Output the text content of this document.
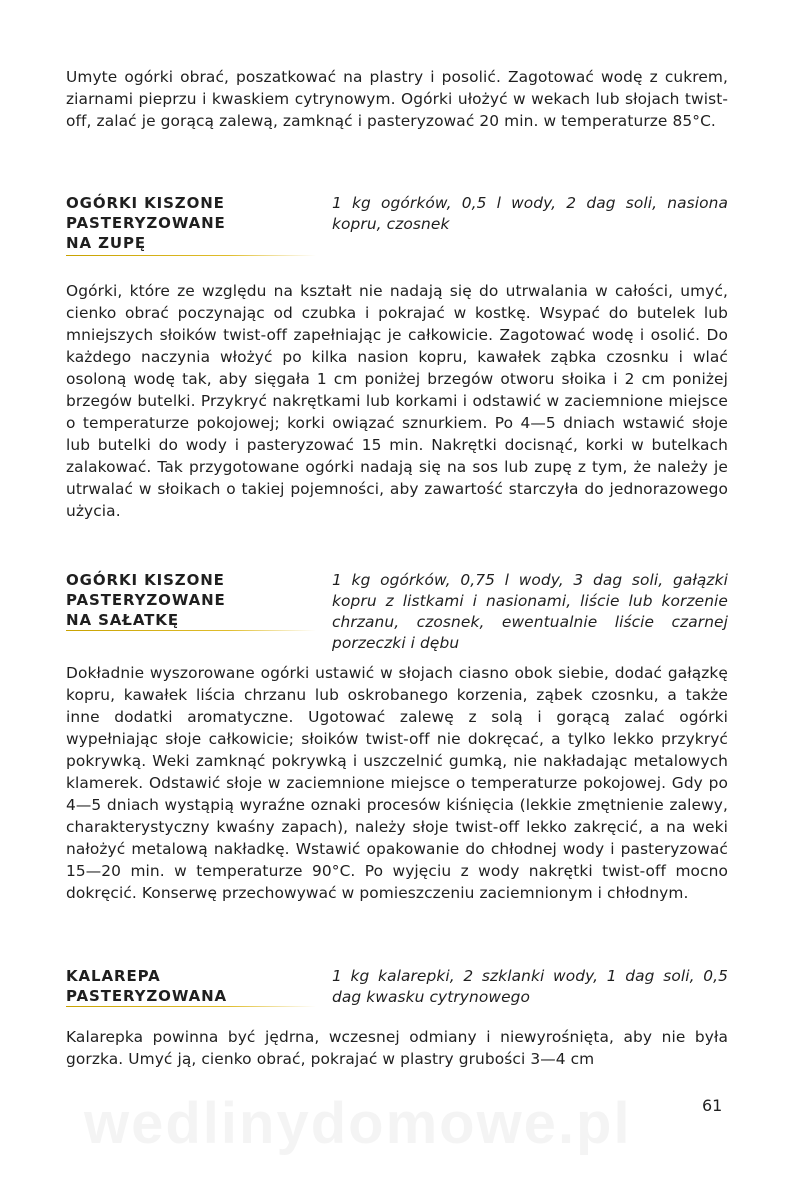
Umyte ogórki obrać, poszatkować na plastry i posolić. Zagotować wodę z cukrem, ziarnami pieprzu i kwaskiem cytrynowym. Ogórki ułożyć w wekach lub słojach twist-off, zalać je gorącą zalewą, zamknąć i pasteryzować 20 min. w temperaturze 85°C.

OGÓRKI KISZONE
PASTERYZOWANE
NA ZUPĘ

1 kg ogórków, 0,5 l wody, 2 dag soli, nasiona kopru, czosnek

Ogórki, które ze względu na kształt nie nadają się do utrwalania w całości, umyć, cienko obrać poczynając od czubka i pokrajać w kostkę. Wsypać do butelek lub mniejszych słoików twist-off zapełniając je całkowicie. Zagotować wodę i osolić. Do każdego naczynia włożyć po kilka nasion kopru, kawałek ząbka czosnku i wlać osoloną wodę tak, aby sięgała 1 cm poniżej brzegów otworu słoika i 2 cm poniżej brzegów butelki. Przykryć nakrętkami lub korkami i odstawić w zaciemnione miejsce o temperaturze pokojowej; korki owiązać sznurkiem. Po 4—5 dniach wstawić słoje lub butelki do wody i pasteryzować 15 min. Nakrętki docisnąć, korki w butelkach zalakować. Tak przygotowane ogórki nadają się na sos lub zupę z tym, że należy je utrwalać w słoikach o takiej pojemności, aby zawartość starczyła do jednorazowego użycia.

OGÓRKI KISZONE
PASTERYZOWANE
NA SAŁATKĘ

1 kg ogórków, 0,75 l wody, 3 dag soli, gałązki kopru z listkami i nasionami, liście lub korzenie chrzanu, czosnek, ewentualnie liście czarnej porzeczki i dębu

Dokładnie wyszorowane ogórki ustawić w słojach ciasno obok siebie, dodać gałązkę kopru, kawałek liścia chrzanu lub oskrobanego korzenia, ząbek czosnku, a także inne dodatki aromatyczne. Ugotować zalewę z solą i gorącą zalać ogórki wypełniając słoje całkowicie; słoików twist-off nie dokręcać, a tylko lekko przykryć pokrywką. Weki zamknąć pokrywką i uszczelnić gumką, nie nakładając metalowych klamerek. Odstawić słoje w zaciemnione miejsce o temperaturze pokojowej. Gdy po 4—5 dniach wystąpią wyraźne oznaki procesów kiśnięcia (lekkie zmętnienie zalewy, charakterystyczny kwaśny zapach), należy słoje twist-off lekko zakręcić, a na weki nałożyć metalową nakładkę. Wstawić opakowanie do chłodnej wody i pasteryzować 15—20 min. w temperaturze 90°C. Po wyjęciu z wody nakrętki twist-off mocno dokręcić. Konserwę przechowywać w pomieszczeniu zaciemnionym i chłodnym.

KALAREPA
PASTERYZOWANA

1 kg kalarepki, 2 szklanki wody, 1 dag soli, 0,5 dag kwasku cytrynowego

Kalarepka powinna być jędrna, wczesnej odmiany i niewyrośnięta, aby nie była gorzka. Umyć ją, cienko obrać, pokrajać w plastry grubości 3—4 cm

61
